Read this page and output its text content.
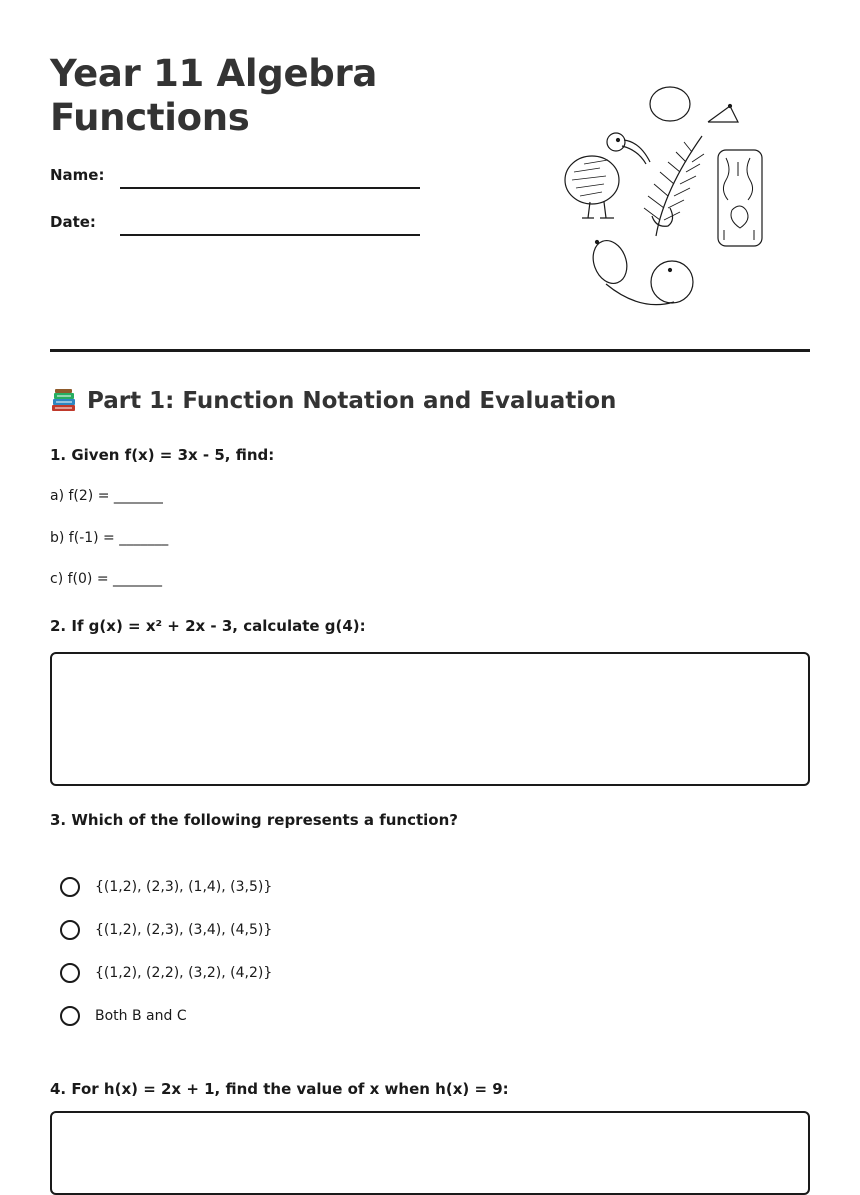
Year 11 Algebra
Functions
Name:
Date:
Part 1: Function Notation and Evaluation
1. Given f(x) = 3x - 5, find:
a) f(2) = _______
b) f(-1) = _______
c) f(0) = _______
2. If g(x) = x² + 2x - 3, calculate g(4):
3. Which of the following represents a function?
{(1,2), (2,3), (1,4), (3,5)}
{(1,2), (2,3), (3,4), (4,5)}
{(1,2), (2,2), (3,2), (4,2)}
Both B and C
4. For h(x) = 2x + 1, find the value of x when h(x) = 9:
